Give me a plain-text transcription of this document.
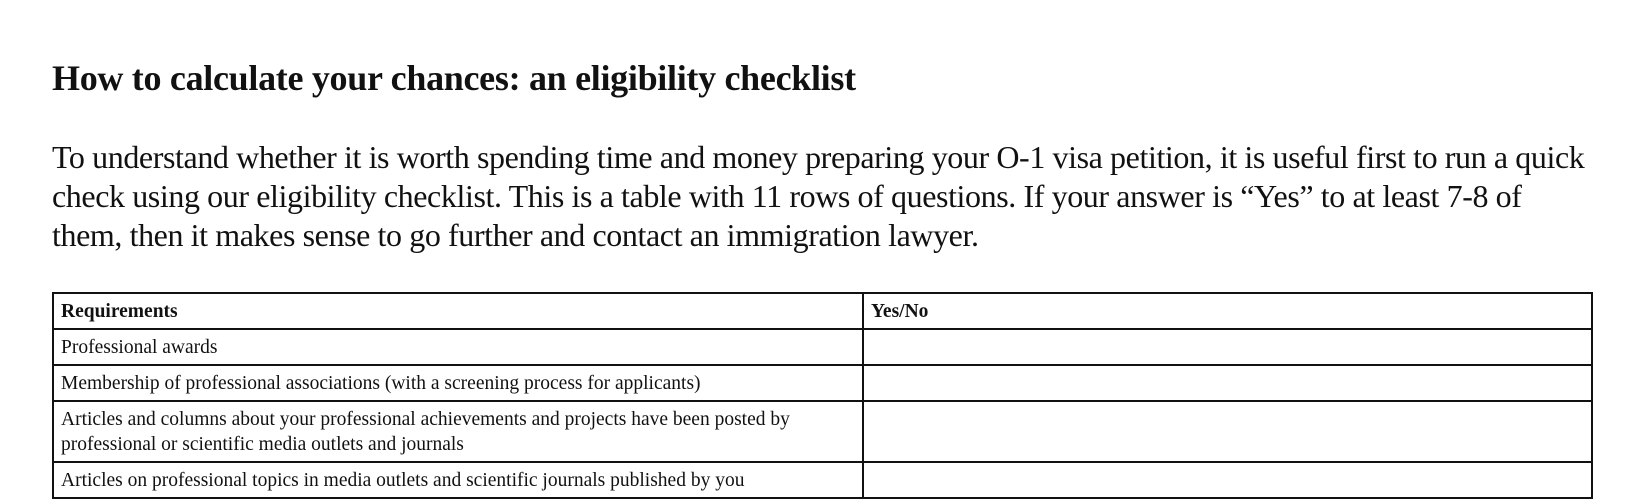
How to calculate your chances: an eligibility checklist

To understand whether it is worth spending time and money preparing your O-1 visa petition, it is useful first to run a quick check using our eligibility checklist. This is a table with 11 rows of questions. If your answer is “Yes” to at least 7-8 of them, then it makes sense to go further and contact an immigration lawyer.

Requirements	Yes/No
Professional awards	
Membership of professional associations (with a screening process for applicants)	
Articles and columns about your professional achievements and projects have been posted by professional or scientific media outlets and journals	
Articles on professional topics in media outlets and scientific journals published by you	
